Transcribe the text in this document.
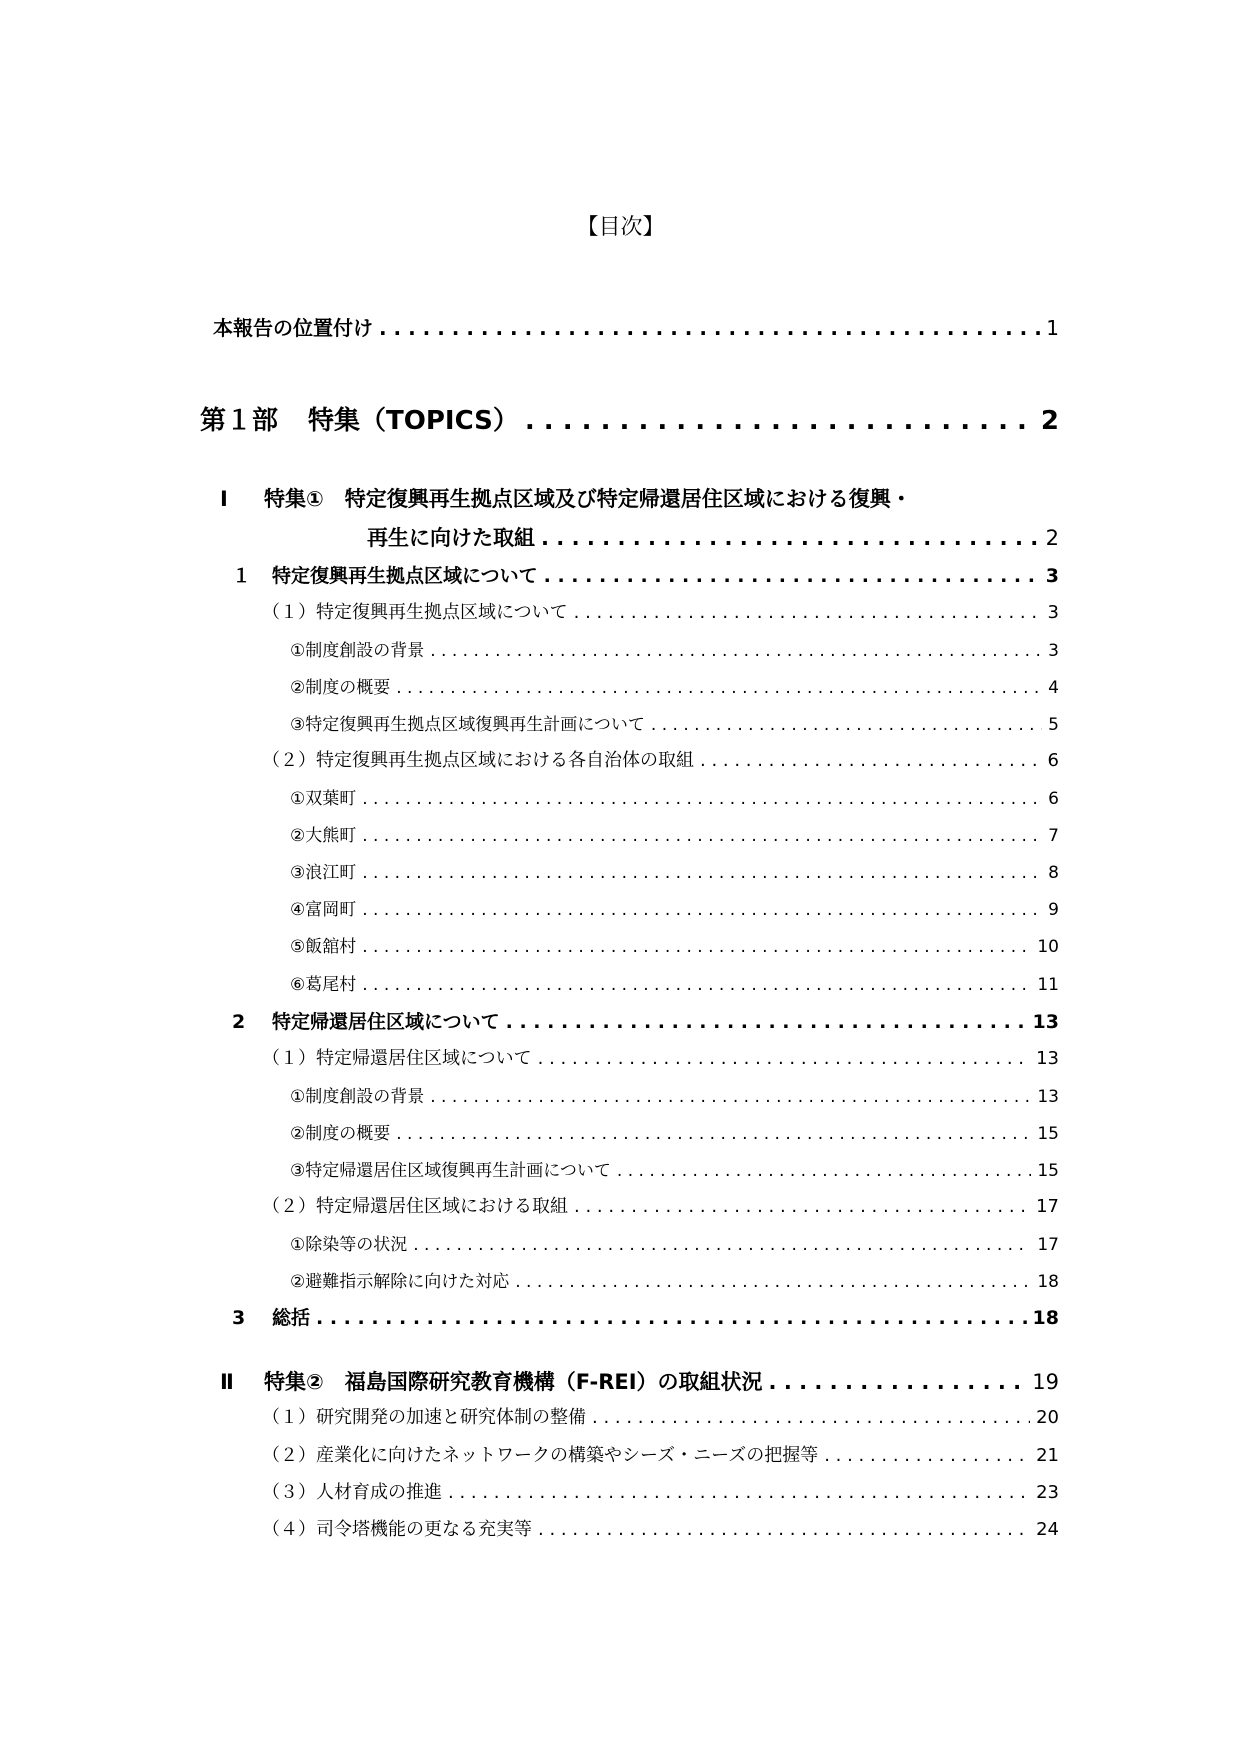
【目次】
本報告の位置付け . . .	1
第１部 特集（TOPICS） . . .	2
Ⅰ	特集①　特定復興再生拠点区域及び特定帰還居住区域における復興・
再生に向けた取組 . . .	2
１	特定復興再生拠点区域について . . .	3
（１）特定復興再生拠点区域について . . .	3
①制度創設の背景 . . .	3
②制度の概要 . . .	4
③特定復興再生拠点区域復興再生計画について . . .	5
（２）特定復興再生拠点区域における各自治体の取組 . . .	6
①双葉町 . . .	6
②大熊町 . . .	7
③浪江町 . . .	8
④富岡町 . . .	9
⑤飯舘村 . . .	10
⑥葛尾村 . . .	11
2	特定帰還居住区域について . . .	13
（１）特定帰還居住区域について . . .	13
①制度創設の背景 . . .	13
②制度の概要 . . .	15
③特定帰還居住区域復興再生計画について . . .	15
（２）特定帰還居住区域における取組 . . .	17
①除染等の状況 . . .	17
②避難指示解除に向けた対応 . . .	18
3	総括 . . .	18
Ⅱ	特集②　福島国際研究教育機構（F-REI）の取組状況 . . .	19
（１）研究開発の加速と研究体制の整備 . . .	20
（２）産業化に向けたネットワークの構築やシーズ・ニーズの把握等 . . .	21
（３）人材育成の推進 . . .	23
（４）司令塔機能の更なる充実等 . . .	24
